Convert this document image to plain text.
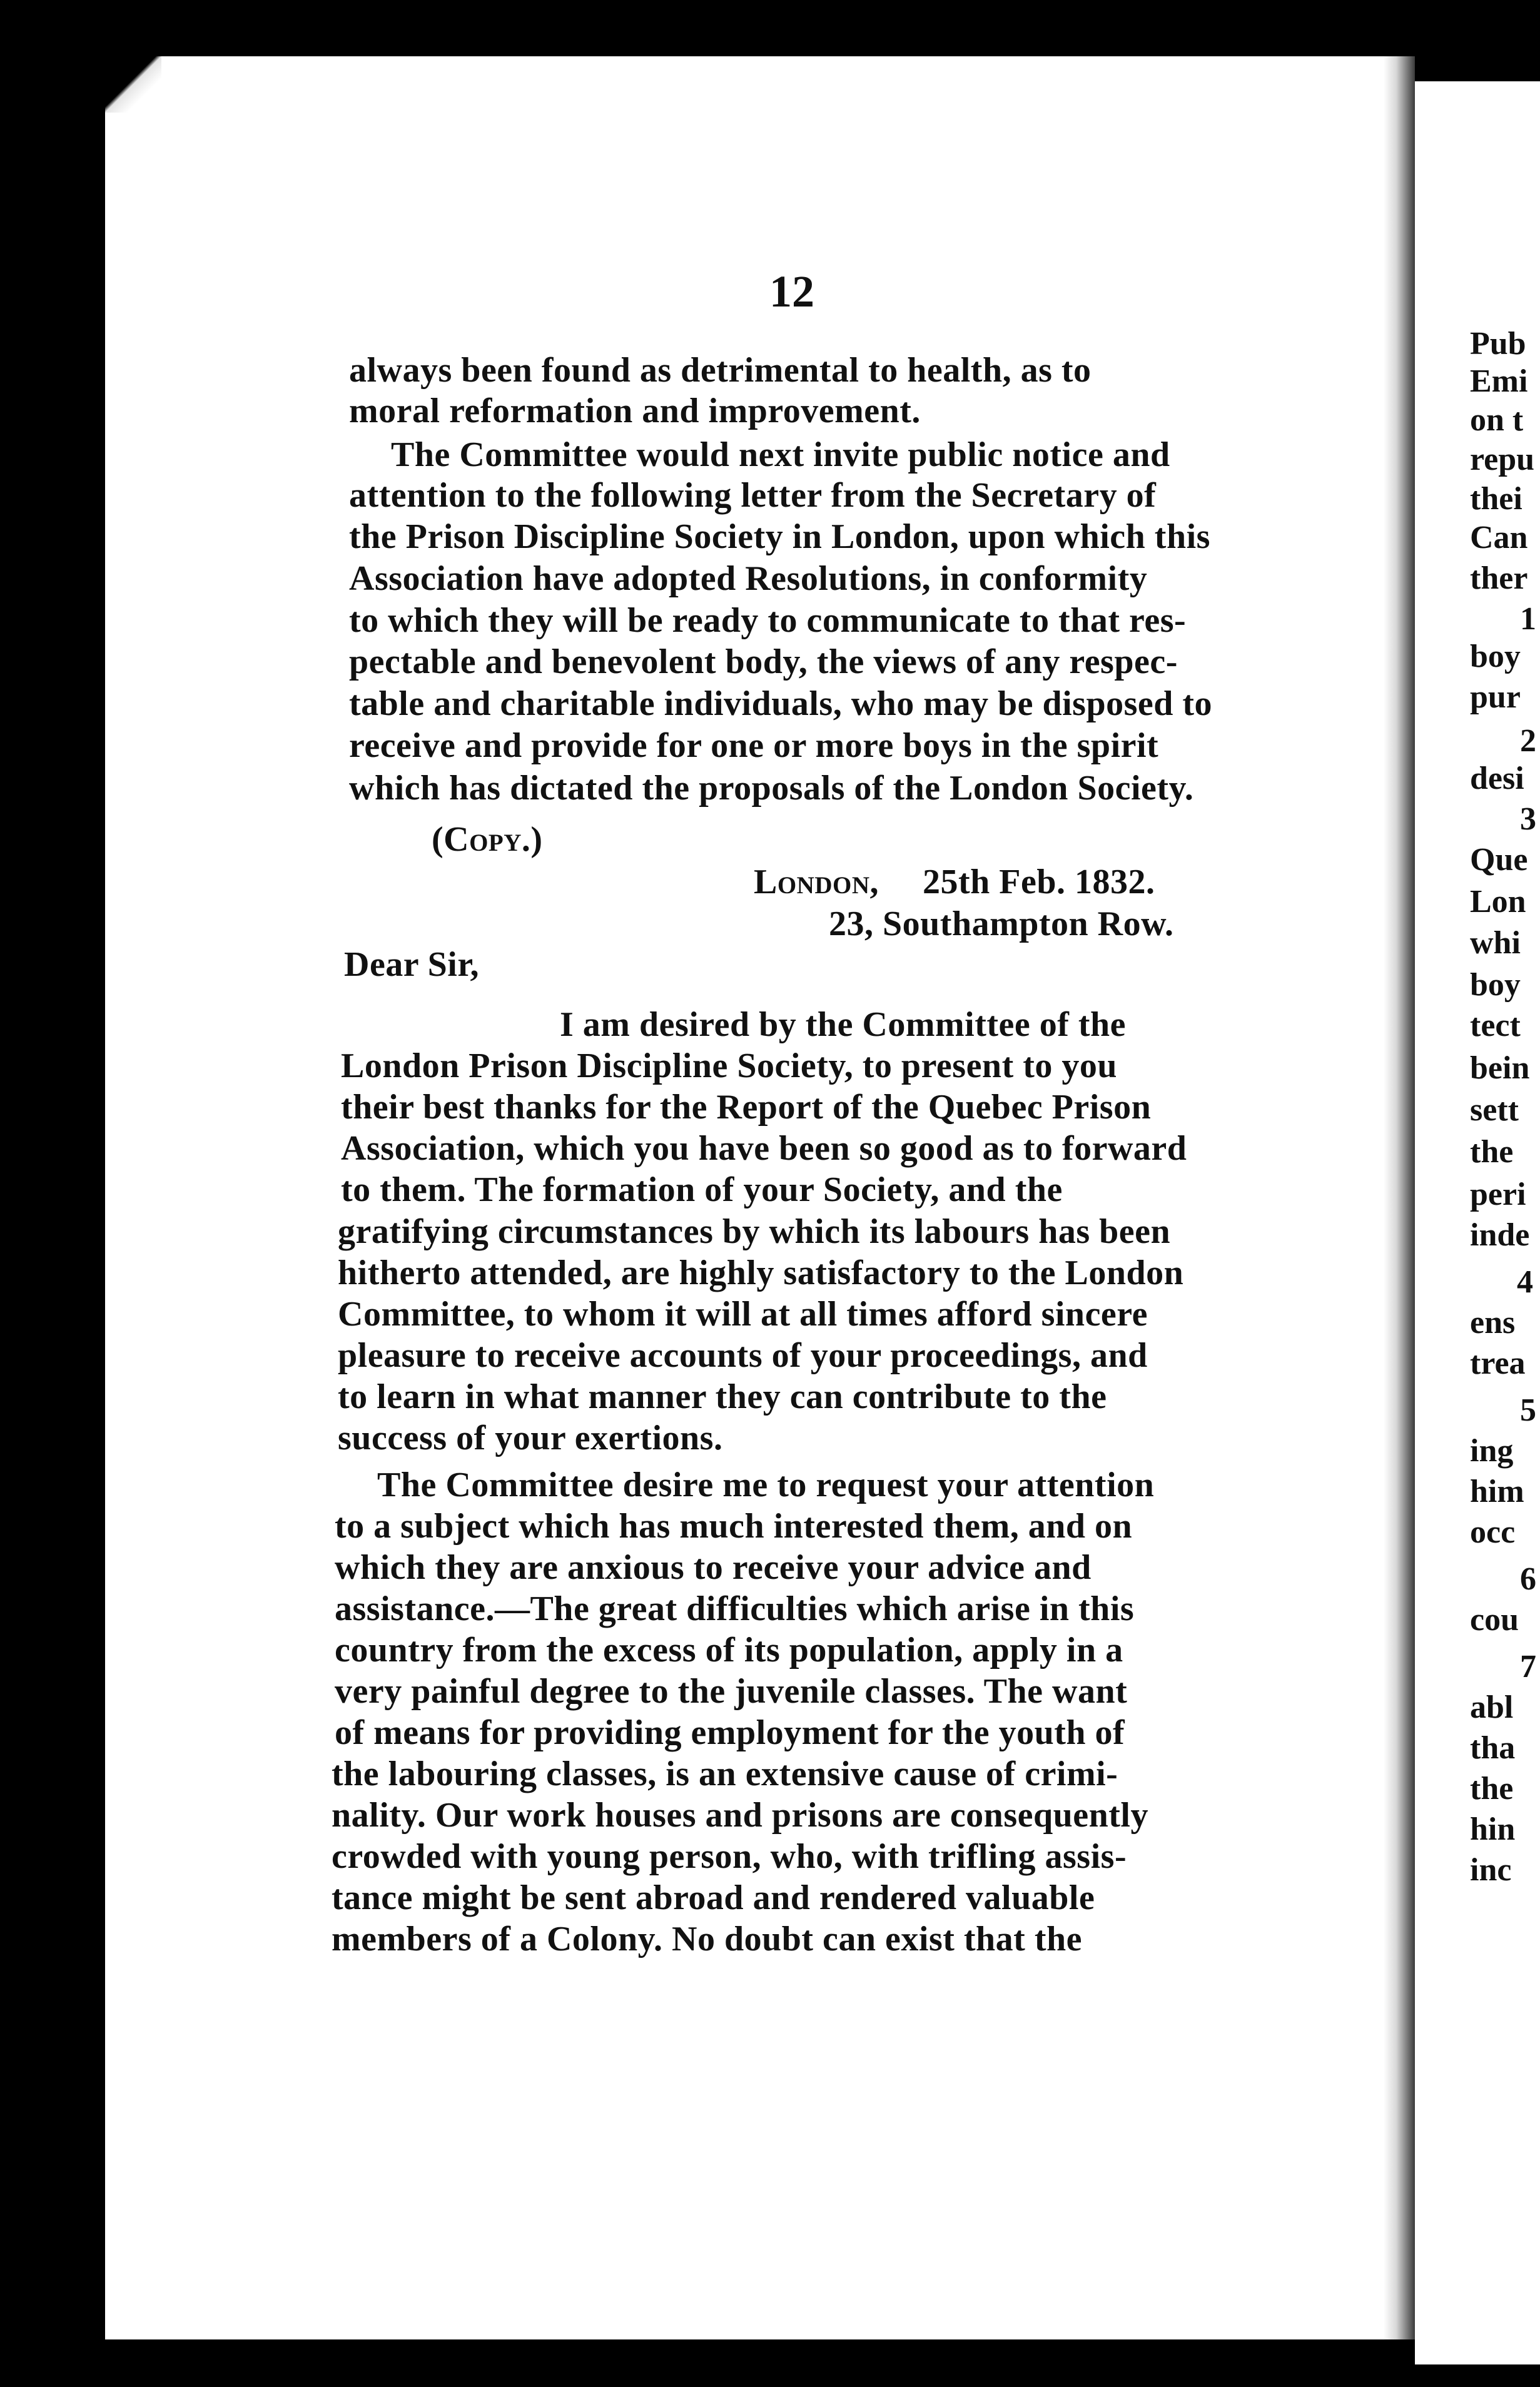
12
always been found as detrimental to health, as to
moral reformation and improvement.
The Committee would next invite public notice and
attention to the following letter from the Secretary of
the Prison Discipline Society in London, upon which this
Association have adopted Resolutions, in conformity
to which they will be ready to communicate to that res-
pectable and benevolent body, the views of any respec-
table and charitable individuals, who may be disposed to
receive and provide for one or more boys in the spirit
which has dictated the proposals of the London Society.
(Copy.)
London, 25th Feb. 1832.
23, Southampton Row.
Dear Sir,
I am desired by the Committee of the
London Prison Discipline Society, to present to you
their best thanks for the Report of the Quebec Prison
Association, which you have been so good as to forward
to them. The formation of your Society, and the
gratifying circumstances by which its labours has been
hitherto attended, are highly satisfactory to the London
Committee, to whom it will at all times afford sincere
pleasure to receive accounts of your proceedings, and
to learn in what manner they can contribute to the
success of your exertions.
The Committee desire me to request your attention
to a subject which has much interested them, and on
which they are anxious to receive your advice and
assistance.—The great difficulties which arise in this
country from the excess of its population, apply in a
very painful degree to the juvenile classes. The want
of means for providing employment for the youth of
the labouring classes, is an extensive cause of crimi-
nality. Our work houses and prisons are consequently
crowded with young person, who, with trifling assis-
tance might be sent abroad and rendered valuable
members of a Colony. No doubt can exist that the
Pub
Emi
on t
repu
thei
Can
ther
1
boy
pur
2
desi
3
Que
Lon
whi
boy
tect
bein
sett
the
peri
inde
4
ens
trea
5
ing
him
occ
6
cou
7
abl
tha
the
hin
inc
